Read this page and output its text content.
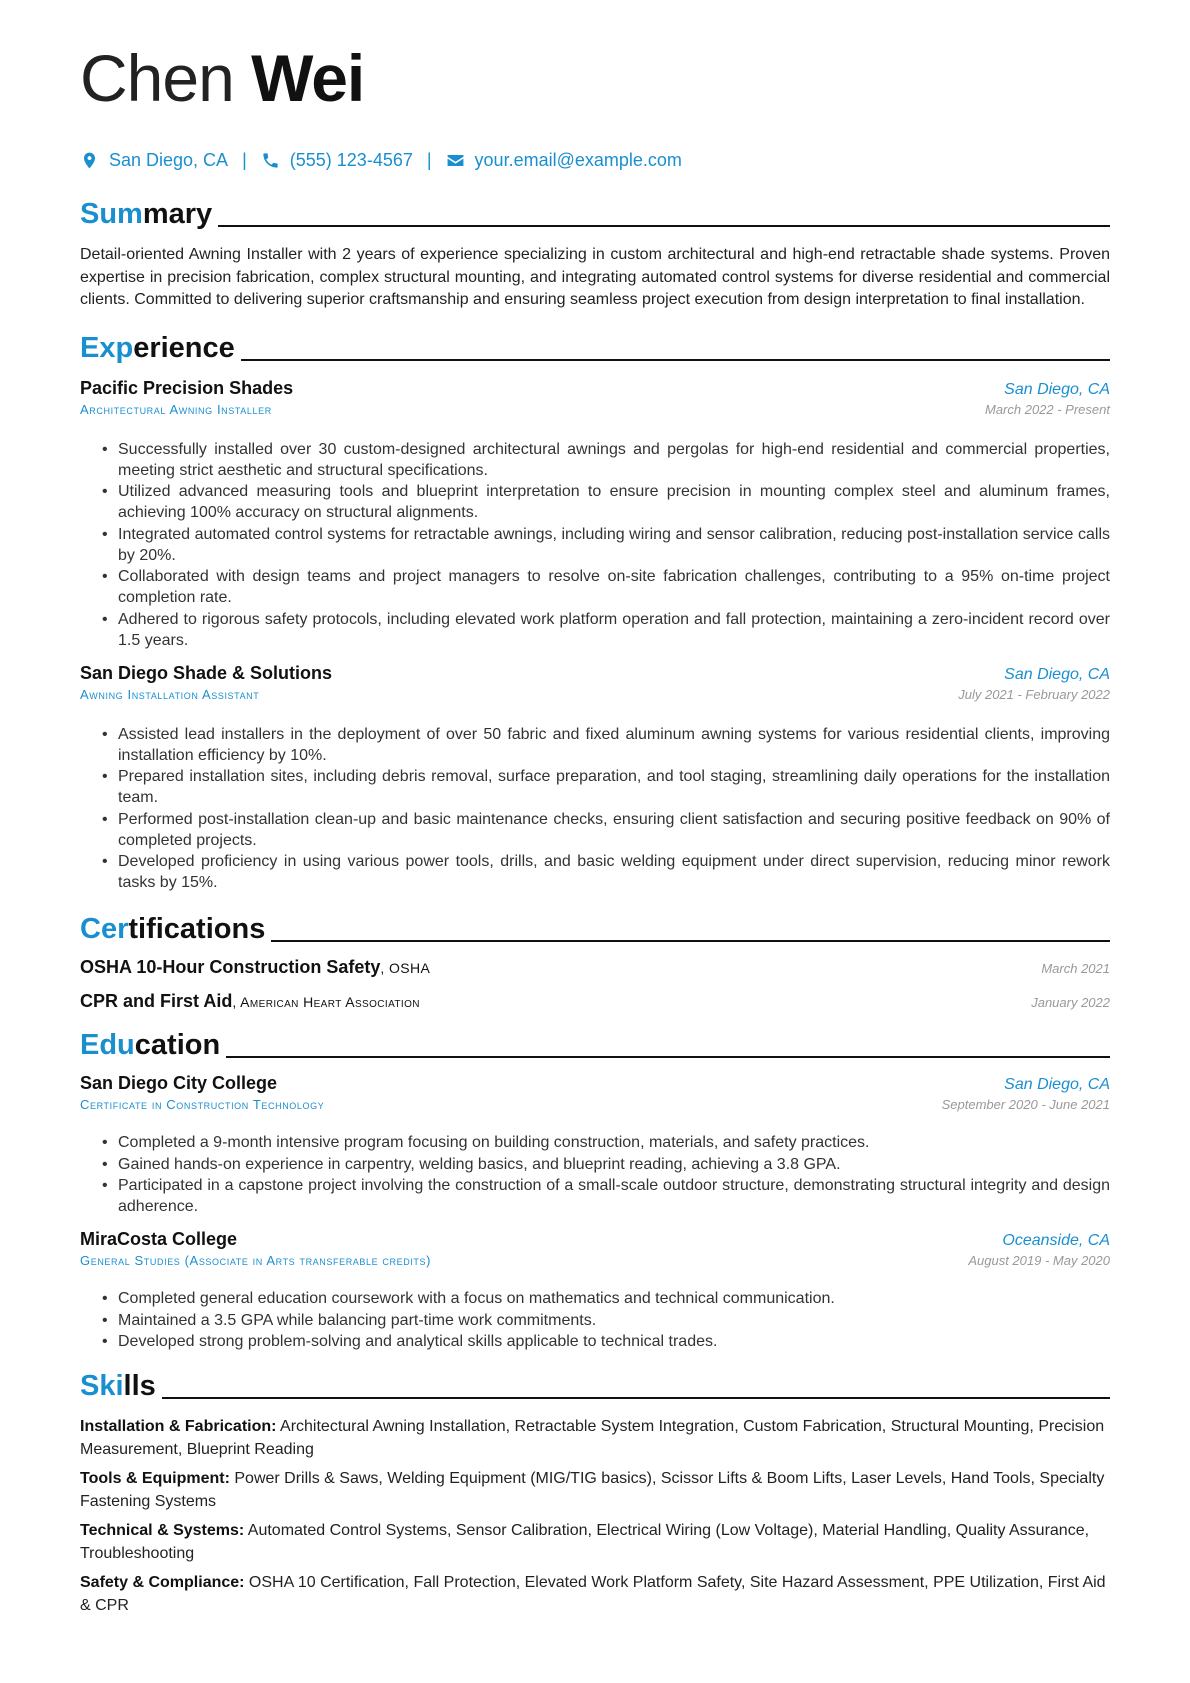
Chen Wei
San Diego, CA | (555) 123-4567 | your.email@example.com
Sum mary
Detail-oriented Awning Installer with 2 years of experience specializing in custom architectural and high-end retractable shade systems. Proven expertise in precision fabrication, complex structural mounting, and integrating automated control systems for diverse residential and commercial clients. Committed to delivering superior craftsmanship and ensuring seamless project execution from design interpretation to final installation.
Exp erience
Pacific Precision Shades	San Diego, CA
Architectural Awning Installer	March 2022 - Present
• Successfully installed over 30 custom-designed architectural awnings and pergolas for high-end residential and commercial properties, meeting strict aesthetic and structural specifications.
• Utilized advanced measuring tools and blueprint interpretation to ensure precision in mounting complex steel and aluminum frames, achieving 100% accuracy on structural alignments.
• Integrated automated control systems for retractable awnings, including wiring and sensor calibration, reducing post-installation service calls by 20%.
• Collaborated with design teams and project managers to resolve on-site fabrication challenges, contributing to a 95% on-time project completion rate.
• Adhered to rigorous safety protocols, including elevated work platform operation and fall protection, maintaining a zero-incident record over 1.5 years.
San Diego Shade & Solutions	San Diego, CA
Awning Installation Assistant	July 2021 - February 2022
• Assisted lead installers in the deployment of over 50 fabric and fixed aluminum awning systems for various residential clients, improving installation efficiency by 10%.
• Prepared installation sites, including debris removal, surface preparation, and tool staging, streamlining daily operations for the installation team.
• Performed post-installation clean-up and basic maintenance checks, ensuring client satisfaction and securing positive feedback on 90% of completed projects.
• Developed proficiency in using various power tools, drills, and basic welding equipment under direct supervision, reducing minor rework tasks by 15%.
Cer tifications
OSHA 10-Hour Construction Safety, OSHA	March 2021
CPR and First Aid, American Heart Association	January 2022
Edu cation
San Diego City College	San Diego, CA
Certificate in Construction Technology	September 2020 - June 2021
• Completed a 9-month intensive program focusing on building construction, materials, and safety practices.
• Gained hands-on experience in carpentry, welding basics, and blueprint reading, achieving a 3.8 GPA.
• Participated in a capstone project involving the construction of a small-scale outdoor structure, demonstrating structural integrity and design adherence.
MiraCosta College	Oceanside, CA
General Studies (Associate in Arts transferable credits)	August 2019 - May 2020
• Completed general education coursework with a focus on mathematics and technical communication.
• Maintained a 3.5 GPA while balancing part-time work commitments.
• Developed strong problem-solving and analytical skills applicable to technical trades.
Ski lls
Installation & Fabrication: Architectural Awning Installation, Retractable System Integration, Custom Fabrication, Structural Mounting, Precision Measurement, Blueprint Reading
Tools & Equipment: Power Drills & Saws, Welding Equipment (MIG/TIG basics), Scissor Lifts & Boom Lifts, Laser Levels, Hand Tools, Specialty Fastening Systems
Technical & Systems: Automated Control Systems, Sensor Calibration, Electrical Wiring (Low Voltage), Material Handling, Quality Assurance, Troubleshooting
Safety & Compliance: OSHA 10 Certification, Fall Protection, Elevated Work Platform Safety, Site Hazard Assessment, PPE Utilization, First Aid & CPR
